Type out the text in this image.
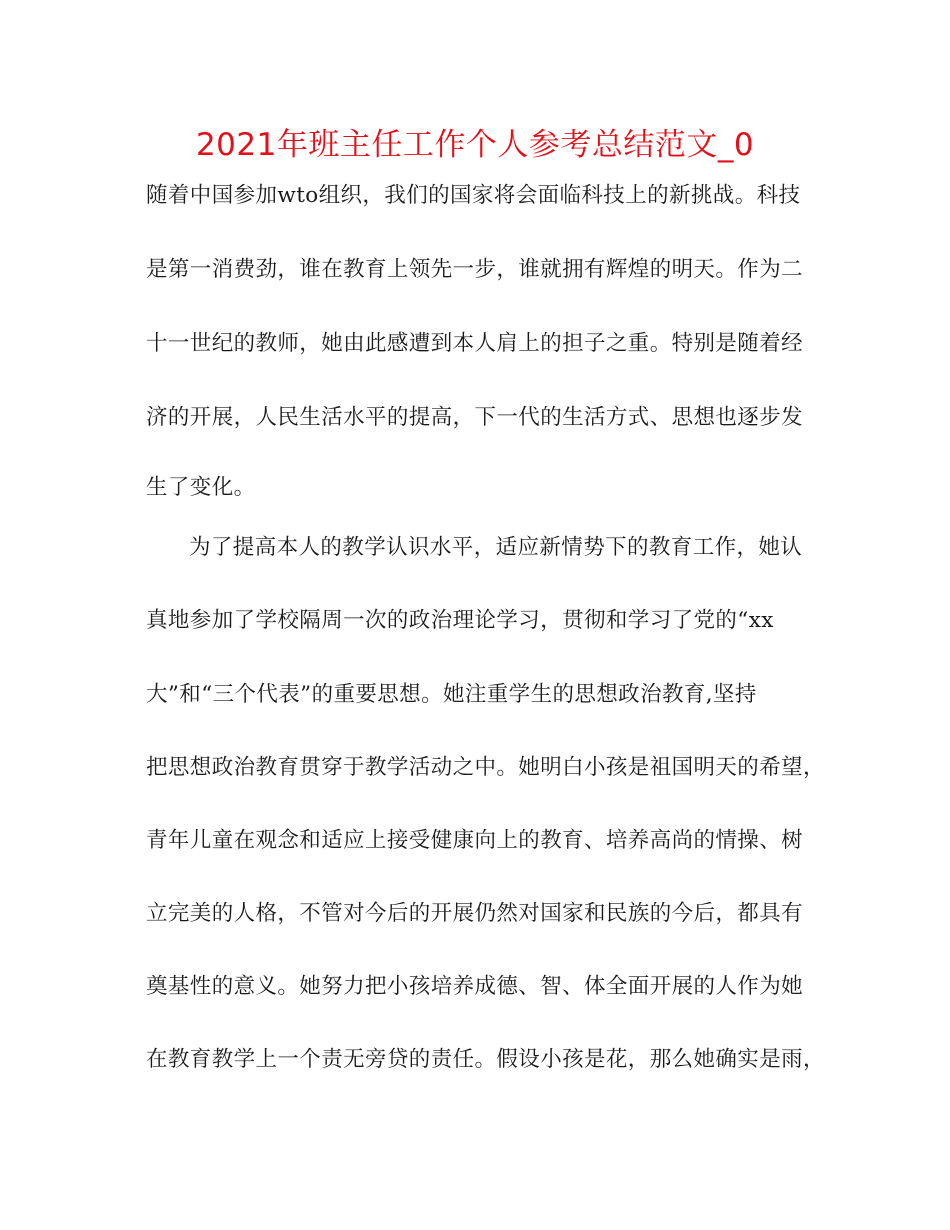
2021年班主任工作个人参考总结范文_0
随着中国参加wto组织，我们的国家将会面临科技上的新挑战。科技
是第一消费劲，谁在教育上领先一步，谁就拥有辉煌的明天。作为二
十一世纪的教师，她由此感遭到本人肩上的担子之重。特别是随着经
济的开展，人民生活水平的提高，下一代的生活方式、思想也逐步发
生了变化。
为了提高本人的教学认识水平，适应新情势下的教育工作，她认
真地参加了学校隔周一次的政治理论学习，贯彻和学习了党的“xx
大”和“三个代表”的重要思想。她注重学生的思想政治教育,坚持
把思想政治教育贯穿于教学活动之中。她明白小孩是祖国明天的希望，
青年儿童在观念和适应上接受健康向上的教育、培养高尚的情操、树
立完美的人格，不管对今后的开展仍然对国家和民族的今后，都具有
奠基性的意义。她努力把小孩培养成德、智、体全面开展的人作为她
在教育教学上一个责无旁贷的责任。假设小孩是花，那么她确实是雨，
